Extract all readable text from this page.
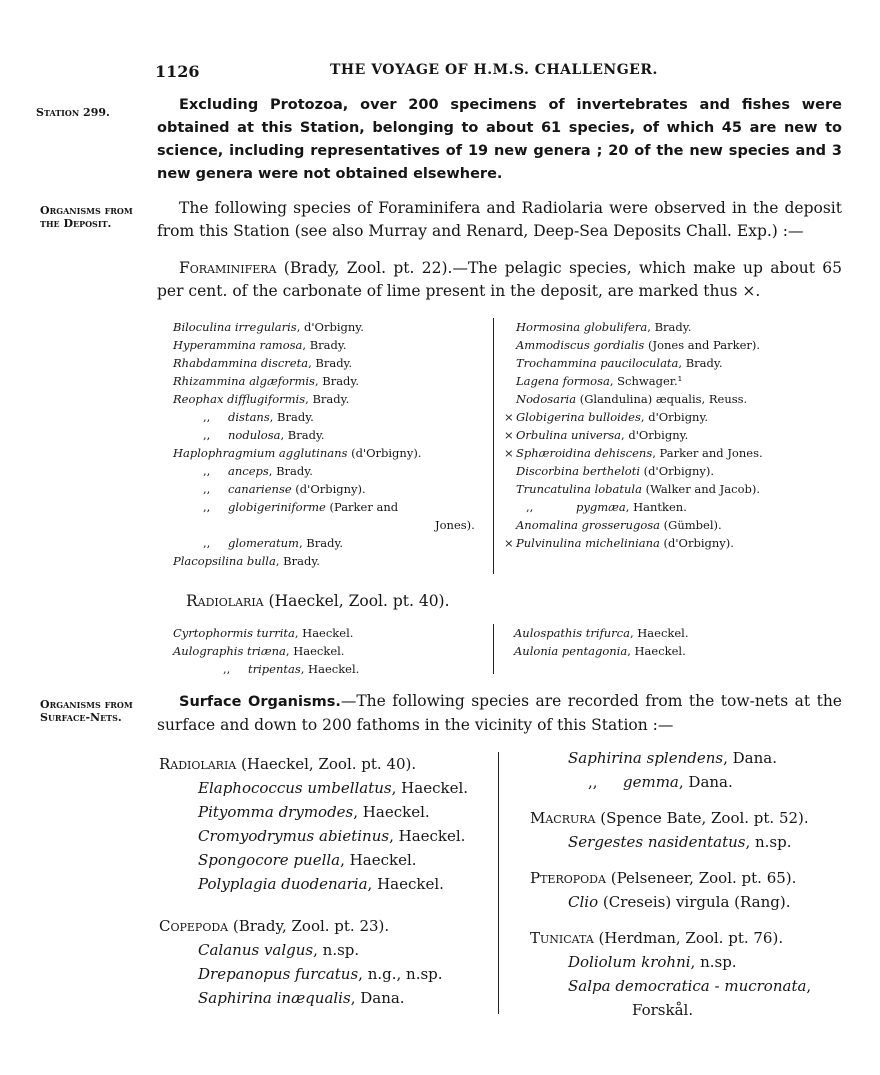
1126	THE VOYAGE OF H.M.S. CHALLENGER.
Station 299.
Organisms from
the Deposit.
Organisms from
Surface-Nets.
Excluding Protozoa, over 200 specimens of invertebrates and fishes were obtained at this Station, belonging to about 61 species, of which 45 are new to science, including representatives of 19 new genera ; 20 of the new species and 3 new genera were not obtained elsewhere.
The following species of Foraminifera and Radiolaria were observed in the deposit from this Station (see also Murray and Renard, Deep-Sea Deposits Chall. Exp.) :—
Foraminifera (Brady, Zool. pt. 22).—The pelagic species, which make up about 65 per cent. of the carbonate of lime present in the deposit, are marked thus ×.
Biloculina irregularis, d'Orbigny.
Hyperammina ramosa, Brady.
Rhabdammina discreta, Brady.
Rhizammina algæformis, Brady.
Reophax difflugiformis, Brady.
,, distans, Brady.
,, nodulosa, Brady.
Haplophragmium agglutinans (d'Orbigny).
,, anceps, Brady.
,, canariense (d'Orbigny).
,, globigeriniforme (Parker and
Jones).
,, glomeratum, Brady.
Placopsilina bulla, Brady.
Hormosina globulifera, Brady.
Ammodiscus gordialis (Jones and Parker).
Trochammina pauciloculata, Brady.
Lagena formosa, Schwager.¹
Nodosaria (Glandulina) æqualis, Reuss.
× Globigerina bulloides, d'Orbigny.
× Orbulina universa, d'Orbigny.
× Sphæroidina dehiscens, Parker and Jones.
Discorbina bertheloti (d'Orbigny).
Truncatulina lobatula (Walker and Jacob).
,,	pygmæa, Hantken.
Anomalina grosserugosa (Gümbel).
× Pulvinulina micheliniana (d'Orbigny).
Radiolaria (Haeckel, Zool. pt. 40).
Cyrtophormis turrita, Haeckel.
Aulographis triæna, Haeckel.
,, tripentas, Haeckel.
Aulospathis trifurca, Haeckel.
Aulonia pentagonia, Haeckel.
Surface Organisms.—The following species are recorded from the tow-nets at the surface and down to 200 fathoms in the vicinity of this Station :—
Radiolaria (Haeckel, Zool. pt. 40).
Elaphococcus umbellatus, Haeckel.
Pityomma drymodes, Haeckel.
Cromyodrymus abietinus, Haeckel.
Spongocore puella, Haeckel.
Polyplagia duodenaria, Haeckel.
Copepoda (Brady, Zool. pt. 23).
Calanus valgus, n.sp.
Drepanopus furcatus, n.g., n.sp.
Saphirina inæqualis, Dana.
Saphirina splendens, Dana.
,, gemma, Dana.
Macrura (Spence Bate, Zool. pt. 52).
Sergestes nasidentatus, n.sp.
Pteropoda (Pelseneer, Zool. pt. 65).
Clio (Creseis) virgula (Rang).
Tunicata (Herdman, Zool. pt. 76).
Doliolum krohni, n.sp.
Salpa democratica - mucronata,
Forskål.
